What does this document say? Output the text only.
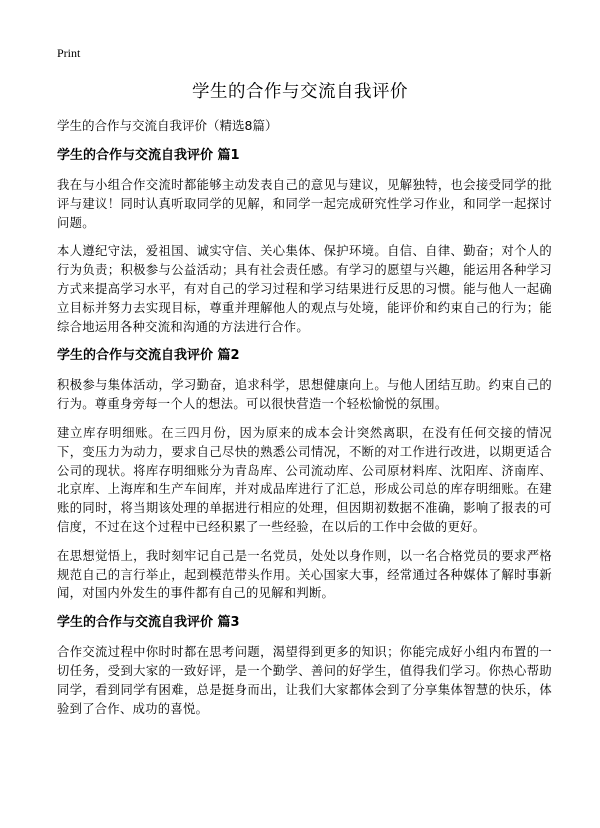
Print
学生的合作与交流自我评价

学生的合作与交流自我评价（精选8篇）

学生的合作与交流自我评价 篇1

我在与小组合作交流时都能够主动发表自己的意见与建议，见解独特，也会接受同学的批评与建议！同时认真听取同学的见解，和同学一起完成研究性学习作业，和同学一起探讨问题。

本人遵纪守法，爱祖国、诚实守信、关心集体、保护环境。自信、自律、勤奋；对个人的行为负责；积极参与公益活动；具有社会责任感。有学习的愿望与兴趣，能运用各种学习方式来提高学习水平，有对自己的学习过程和学习结果进行反思的习惯。能与他人一起确立目标并努力去实现目标，尊重并理解他人的观点与处境，能评价和约束自己的行为；能综合地运用各种交流和沟通的方法进行合作。

学生的合作与交流自我评价 篇2

积极参与集体活动，学习勤奋，追求科学，思想健康向上。与他人团结互助。约束自己的行为。尊重身旁每一个人的想法。可以很快营造一个轻松愉悦的氛围。

建立库存明细账。在三四月份，因为原来的成本会计突然离职，在没有任何交接的情况下，变压力为动力，要求自己尽快的熟悉公司情况，不断的对工作进行改进，以期更适合公司的现状。将库存明细账分为青岛库、公司流动库、公司原材料库、沈阳库、济南库、北京库、上海库和生产车间库，并对成品库进行了汇总，形成公司总的库存明细账。在建账的同时，将当期该处理的单据进行相应的处理，但因期初数据不准确，影响了报表的可信度，不过在这个过程中已经积累了一些经验，在以后的工作中会做的更好。

在思想觉悟上，我时刻牢记自己是一名党员，处处以身作则，以一名合格党员的要求严格规范自己的言行举止，起到模范带头作用。关心国家大事，经常通过各种媒体了解时事新闻，对国内外发生的事件都有自己的见解和判断。

学生的合作与交流自我评价 篇3

合作交流过程中你时时都在思考问题，渴望得到更多的知识；你能完成好小组内布置的一切任务，受到大家的一致好评，是一个勤学、善问的好学生，值得我们学习。你热心帮助同学，看到同学有困难，总是挺身而出，让我们大家都体会到了分享集体智慧的快乐，体验到了合作、成功的喜悦。
